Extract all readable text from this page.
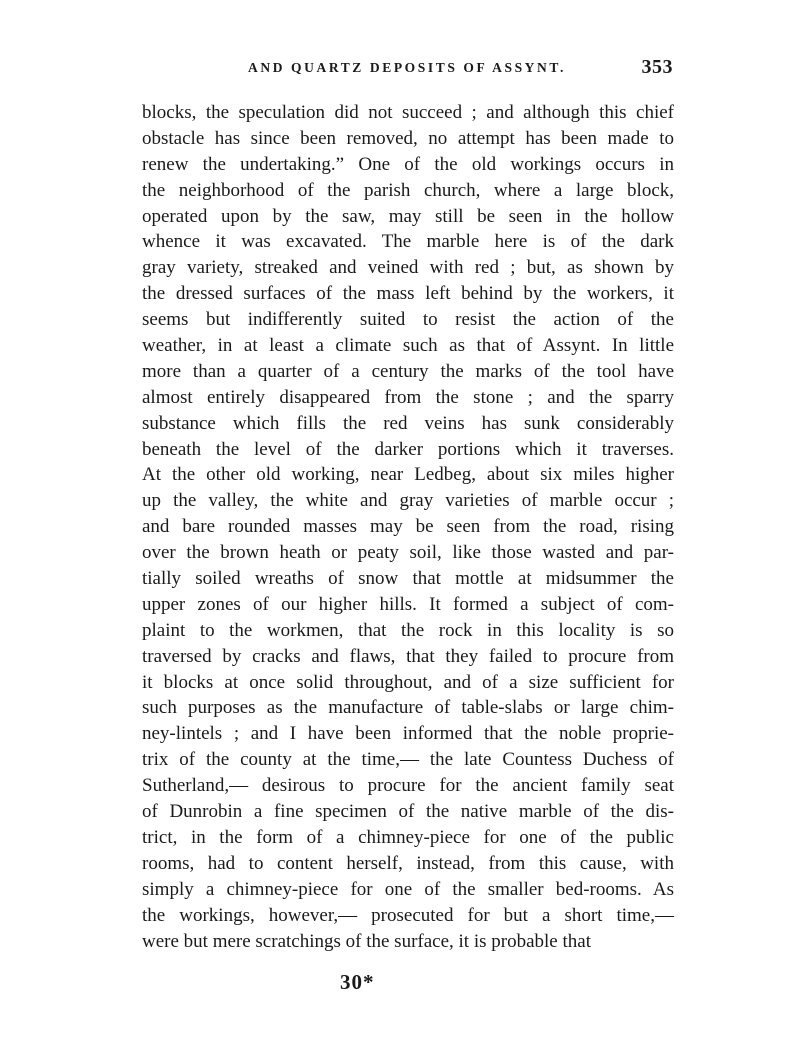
AND QUARTZ DEPOSITS OF ASSYNT.	353
blocks, the speculation did not succeed ; and although this chief
obstacle has since been removed, no attempt has been made to
renew the undertaking.” One of the old workings occurs in
the neighborhood of the parish church, where a large block,
operated upon by the saw, may still be seen in the hollow
whence it was excavated. The marble here is of the dark
gray variety, streaked and veined with red ; but, as shown by
the dressed surfaces of the mass left behind by the workers, it
seems but indifferently suited to resist the action of the
weather, in at least a climate such as that of Assynt. In little
more than a quarter of a century the marks of the tool have
almost entirely disappeared from the stone ; and the sparry
substance which fills the red veins has sunk considerably
beneath the level of the darker portions which it traverses.
At the other old working, near Ledbeg, about six miles higher
up the valley, the white and gray varieties of marble occur ;
and bare rounded masses may be seen from the road, rising
over the brown heath or peaty soil, like those wasted and par-
tially soiled wreaths of snow that mottle at midsummer the
upper zones of our higher hills. It formed a subject of com-
plaint to the workmen, that the rock in this locality is so
traversed by cracks and flaws, that they failed to procure from
it blocks at once solid throughout, and of a size sufficient for
such purposes as the manufacture of table-slabs or large chim-
ney-lintels ; and I have been informed that the noble proprie-
trix of the county at the time,— the late Countess Duchess of
Sutherland,— desirous to procure for the ancient family seat
of Dunrobin a fine specimen of the native marble of the dis-
trict, in the form of a chimney-piece for one of the public
rooms, had to content herself, instead, from this cause, with
simply a chimney-piece for one of the smaller bed-rooms. As
the workings, however,— prosecuted for but a short time,—
were but mere scratchings of the surface, it is probable that
30*
